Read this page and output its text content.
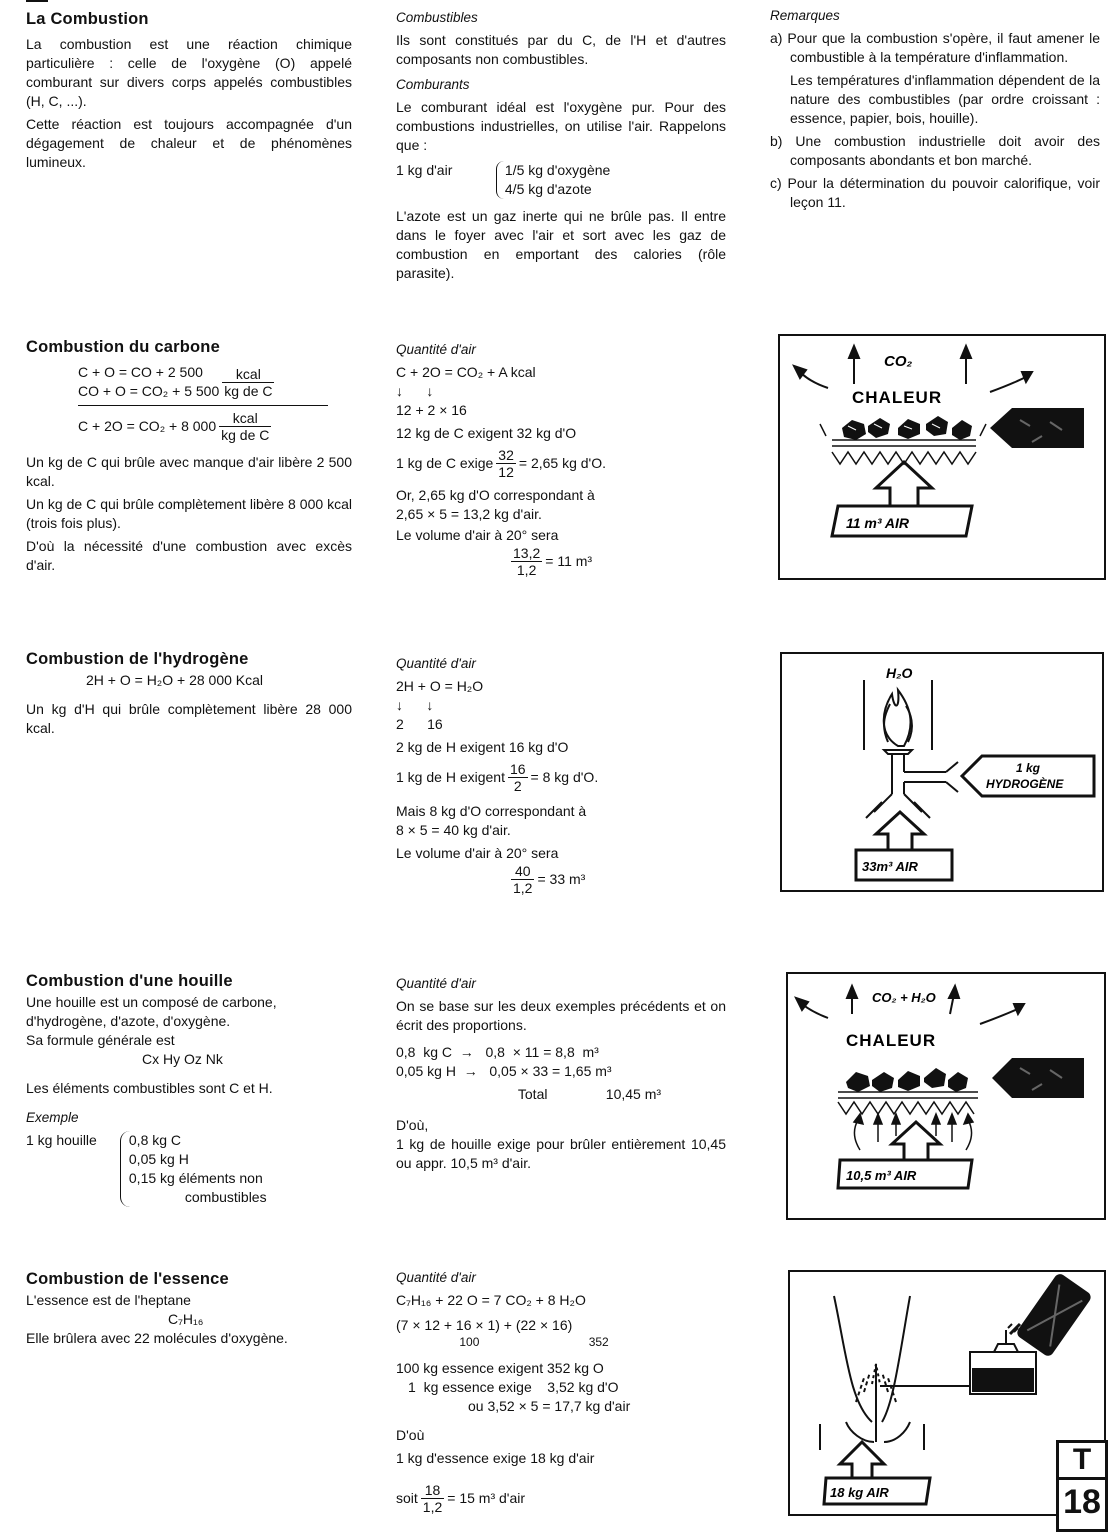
La Combustion

La combustion est une réaction chimique particulière : celle de l'oxygène (O) appelé comburant sur divers corps appelés combustibles (H, C, ...).

Cette réaction est toujours accompagnée d'un dégagement de chaleur et de phénomènes lumineux.

Combustibles

Ils sont constitués par du C, de l'H et d'autres composants non combustibles.

Comburants

Le comburant idéal est l'oxygène pur. Pour des combustions industrielles, on utilise l'air. Rappelons que :

1 kg d'air	1/5 kg d'oxygène
4/5 kg d'azote

L'azote est un gaz inerte qui ne brûle pas. Il entre dans le foyer avec l'air et sort avec les gaz de combustion en emportant des calories (rôle parasite).

Remarques

a) Pour que la combustion s'opère, il faut amener le combustible à la température d'inflammation.

Les températures d'inflammation dépendent de la nature des combustibles (par ordre croissant : essence, papier, bois, houille).

b) Une combustion industrielle doit avoir des composants abondants et bon marché.

c) Pour la détermination du pouvoir calorifique, voir leçon 11.

Combustion du carbone
C + O = CO + 2 500
CO + O = CO₂ + 5 $500 \frac{\text{kcal}}{\text{kg de C}}$
C + 2O = CO₂ + 8 $000 \frac{\text{kcal}}{\text{kg de C}}$

Un kg de C qui brûle avec manque d'air libère 2 500 kcal.

Un kg de C qui brûle complètement libère 8 000 kcal (trois fois plus).

D'où la nécessité d'une combustion avec excès d'air.

Quantité d'air
C + 2O = CO₂ + A kcal
↓      ↓
12 + 2 × 16
12 kg de C exigent 32 kg d'O
1 kg de C exige $\frac{32}{12} = 2,65$ kg d'O.
Or, 2,65 kg d'O correspondant à
2,65 × 5 = 13,2 kg d'air.
Le volume d'air à 20° sera
$\frac{13,2}{1,2} = 11$ m³
CO₂
CHALEUR
11 m³ AIR
Combustion de l'hydrogène
2H + O = H₂O + 28 000 Kcal

Un kg d'H qui brûle complètement libère 28 000 kcal.

Quantité d'air
2H + O = H₂O
↓      ↓
2      16
2 kg de H exigent 16 kg d'O
1 kg de H exigent $\frac{16}{2} = 8$ kg d'O.
Mais 8 kg d'O correspondant à
8 × 5 = 40 kg d'air.
Le volume d'air à 20° sera
$\frac{40}{1,2} = 33$ m³
H₂O
1 kg
HYDROGÈNE
33m³ AIR
Combustion d'une houille
Une houille est un composé de carbone, d'hydrogène, d'azote, d'oxygène.
Sa formule générale est
Cx Hy Oz Nk
Les éléments combustibles sont C et H.
Exemple
1 kg houille 0,8 kg C
0,05 kg H
0,15 kg éléments non
combustibles
Quantité d'air

On se base sur les deux exemples précédents et on écrit des proportions.

0,8  kg C  →   0,8  × 11 = 8,8  m³
0,05 kg H  →   0,05 × 33 = 1,65 m³
Total	10,45 m³
D'où,

1 kg de houille exige pour brûler entièrement 10,45 ou appr. 10,5 m³ d'air.

CO₂ + H₂O
CHALEUR
10,5 m³ AIR
Combustion de l'essence
L'essence est de l'heptane
C₇H₁₆
Elle brûlera avec 22 molécules d'oxygène.
Quantité d'air
C₇H₁₆ + 22 O = 7 CO₂ + 8 H₂O
(7 × 12 + 16 × 1) + (22 × 16)
100	352
100 kg essence exigent 352 kg O
1  kg essence exige    3,52 kg d'O
ou 3,52 × 5 = 17,7 kg d'air
D'où
1 kg d'essence exige 18 kg d'air
soit $\frac{18}{1,2} = 15$ m³ d'air	18 kg AIR
T
18
